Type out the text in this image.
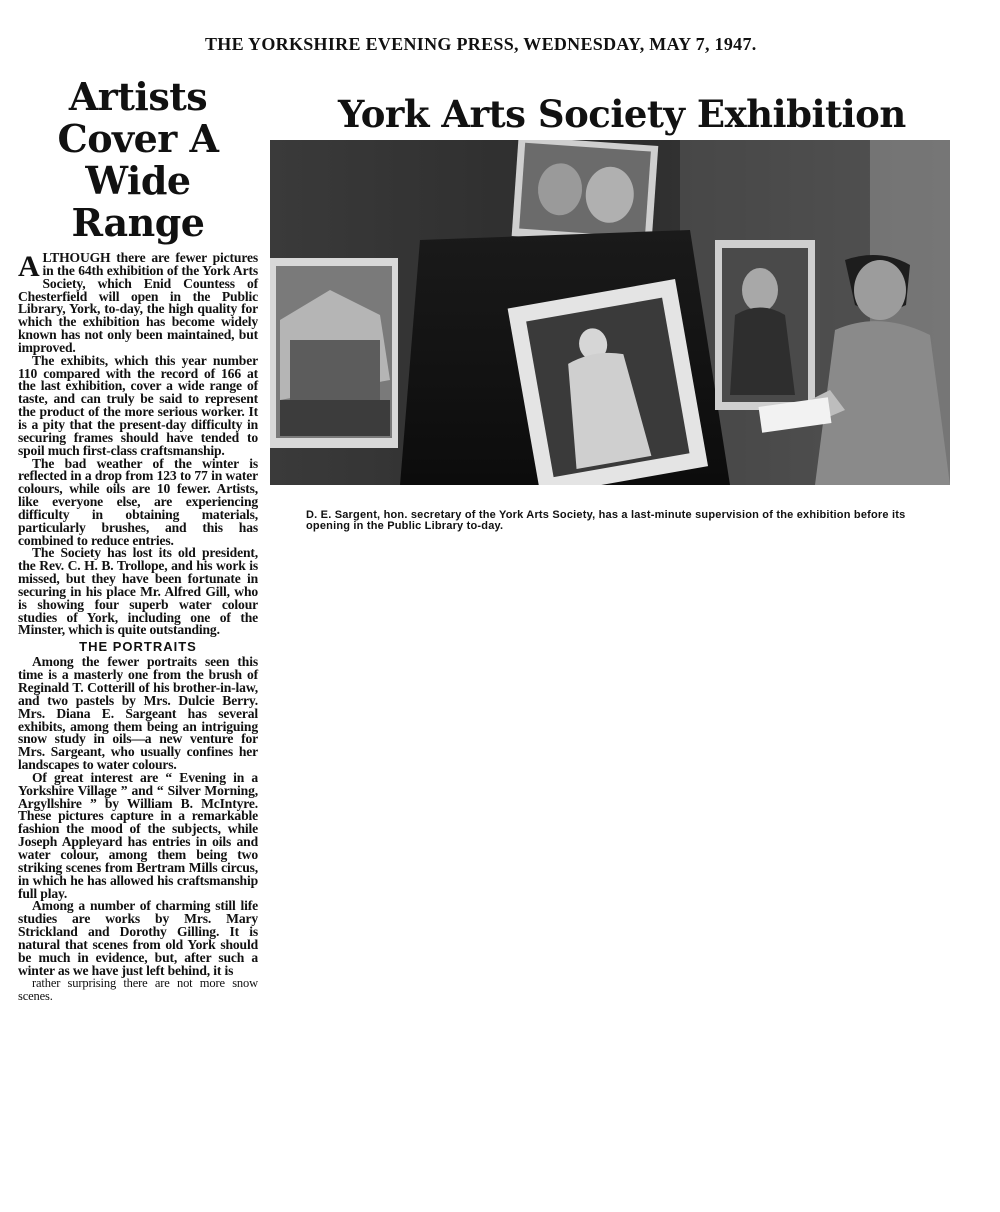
THE YORKSHIRE EVENING PRESS, WEDNESDAY, MAY 7, 1947.
Artists
Cover A
Wide Range

ALTHOUGH there are fewer pictures in the 64th exhibition of the York Arts Society, which Enid Countess of Chesterfield will open in the Public Library, York, to-day, the high quality for which the exhibition has become widely known has not only been maintained, but improved.

The exhibits, which this year number 110 compared with the record of 166 at the last exhibition, cover a wide range of taste, and can truly be said to represent the product of the more serious worker. It is a pity that the present-day difficulty in securing frames should have tended to spoil much first-class craftsmanship.

The bad weather of the winter is reflected in a drop from 123 to 77 in water colours, while oils are 10 fewer. Artists, like everyone else, are experiencing difficulty in obtaining materials, particularly brushes, and this has combined to reduce entries.

The Society has lost its old president, the Rev. C. H. B. Trollope, and his work is missed, but they have been fortunate in securing in his place Mr. Alfred Gill, who is showing four superb water colour studies of York, including one of the Minster, which is quite outstanding.

THE PORTRAITS

Among the fewer portraits seen this time is a masterly one from the brush of Reginald T. Cotterill of his brother-in-law, and two pastels by Mrs. Dulcie Berry. Mrs. Diana E. Sargeant has several exhibits, among them being an intriguing snow study in oils—a new venture for Mrs. Sargeant, who usually confines her landscapes to water colours.

Of great interest are “ Evening in a Yorkshire Village ” and “ Silver Morning, Argyllshire ” by William B. McIntyre. These pictures capture in a remarkable fashion the mood of the subjects, while Joseph Appleyard has entries in oils and water colour, among them being two striking scenes from Bertram Mills circus, in which he has allowed his craftsmanship full play.

Among a number of charming still life studies are works by Mrs. Mary Strickland and Dorothy Gilling. It is natural that scenes from old York should be much in evidence, but, after such a winter as we have just left behind, it is

rather surprising there are not more snow scenes.

York Arts Society Exhibition
D. E. Sargent, hon. secretary of the York Arts Society, has a last-minute supervision of the exhibition before its opening in the Public Library to-day.
